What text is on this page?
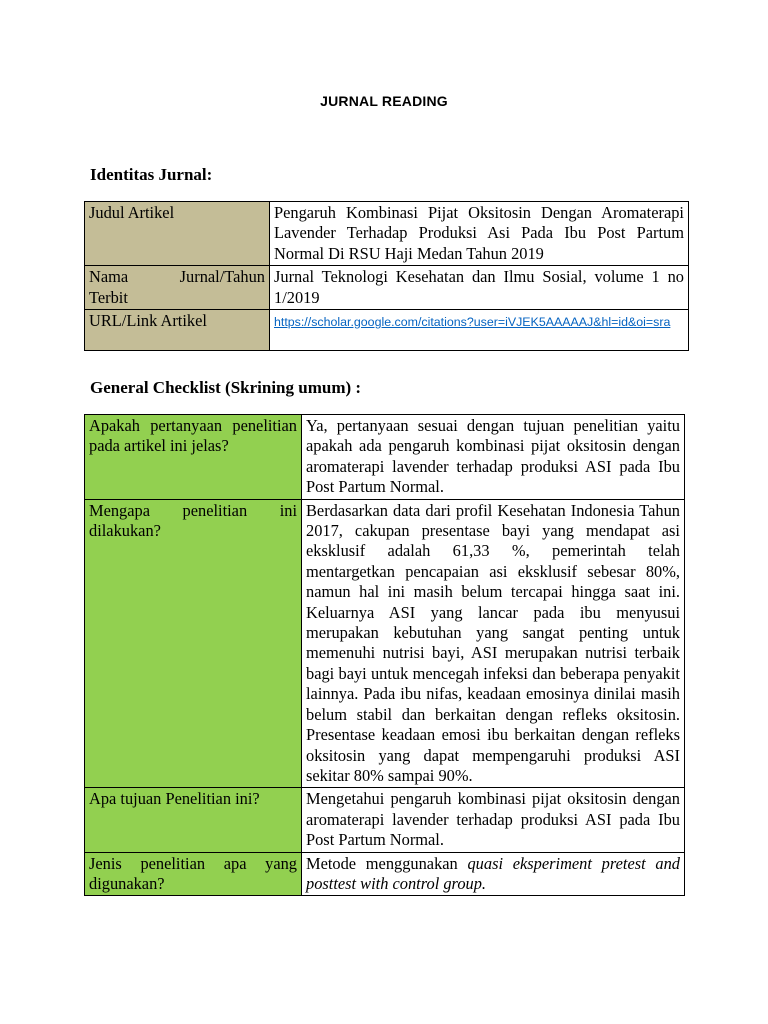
JURNAL READING
Identitas Jurnal:
Judul Artikel	Pengaruh Kombinasi Pijat Oksitosin Dengan Aromaterapi Lavender Terhadap Produksi Asi Pada Ibu Post Partum Normal Di RSU Haji Medan Tahun 2019

Nama Jurnal/Tahun
Terbit	Jurnal Teknologi Kesehatan dan Ilmu Sosial, volume 1 no 1/2019
URL/Link Artikel	https://scholar.google.com/citations?user=iVJEK5AAAAAJ&hl=id&oi=sra
General Checklist (Skrining umum) :
Apakah pertanyaan penelitian pada artikel ini jelas?	Ya, pertanyaan sesuai dengan tujuan penelitian yaitu apakah ada pengaruh kombinasi pijat oksitosin dengan aromaterapi lavender terhadap produksi ASI pada Ibu Post Partum Normal.
Mengapa penelitian ini dilakukan?	Berdasarkan data dari profil Kesehatan Indonesia Tahun 2017, cakupan presentase bayi yang mendapat asi eksklusif adalah 61,33 %, pemerintah telah mentargetkan pencapaian asi eksklusif sebesar 80%, namun hal ini masih belum tercapai hingga saat ini. Keluarnya ASI yang lancar pada ibu menyusui merupakan kebutuhan yang sangat penting untuk memenuhi nutrisi bayi, ASI merupakan nutrisi terbaik bagi bayi untuk mencegah infeksi dan beberapa penyakit lainnya. Pada ibu nifas, keadaan emosinya dinilai masih belum stabil dan berkaitan dengan refleks oksitosin. Presentase keadaan emosi ibu berkaitan dengan refleks oksitosin yang dapat mempengaruhi produksi ASI sekitar 80% sampai 90%.
Apa tujuan Penelitian ini?	Mengetahui pengaruh kombinasi pijat oksitosin dengan aromaterapi lavender terhadap produksi ASI pada Ibu Post Partum Normal.
Jenis penelitian apa yang digunakan?	Metode menggunakan quasi eksperiment pretest and posttest with control group.
